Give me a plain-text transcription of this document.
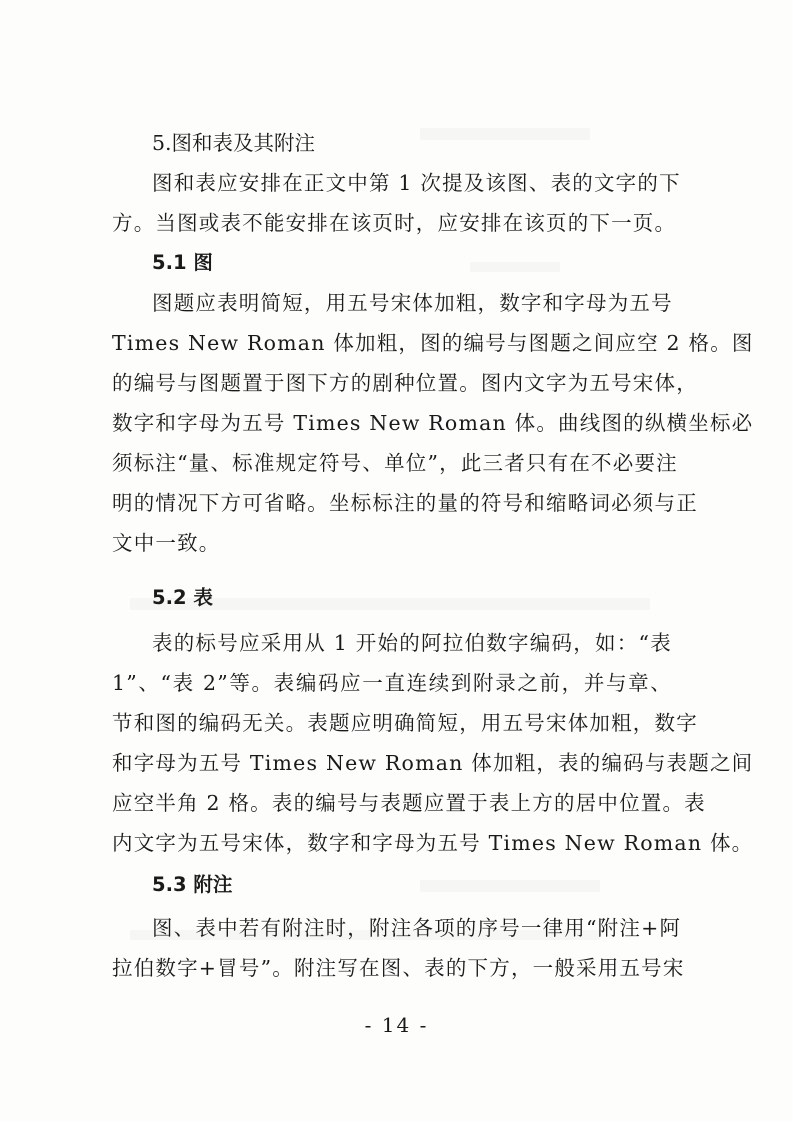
5.图和表及其附注
图和表应安排在正文中第 1 次提及该图、表的文字的下
方。当图或表不能安排在该页时，应安排在该页的下一页。
5.1 图
图题应表明简短，用五号宋体加粗，数字和字母为五号
Times New Roman 体加粗，图的编号与图题之间应空 2 格。图
的编号与图题置于图下方的剧种位置。图内文字为五号宋体，
数字和字母为五号 Times New Roman 体。曲线图的纵横坐标必
须标注“量、标准规定符号、单位”，此三者只有在不必要注
明的情况下方可省略。坐标标注的量的符号和缩略词必须与正
文中一致。
5.2 表
表的标号应采用从 1 开始的阿拉伯数字编码，如：“表
1”、“表 2”等。表编码应一直连续到附录之前，并与章、
节和图的编码无关。表题应明确简短，用五号宋体加粗，数字
和字母为五号 Times New Roman 体加粗，表的编码与表题之间
应空半角 2 格。表的编号与表题应置于表上方的居中位置。表
内文字为五号宋体，数字和字母为五号 Times New Roman 体。
5.3 附注
图、表中若有附注时，附注各项的序号一律用“附注+阿
拉伯数字+冒号”。附注写在图、表的下方，一般采用五号宋
- 14 -
